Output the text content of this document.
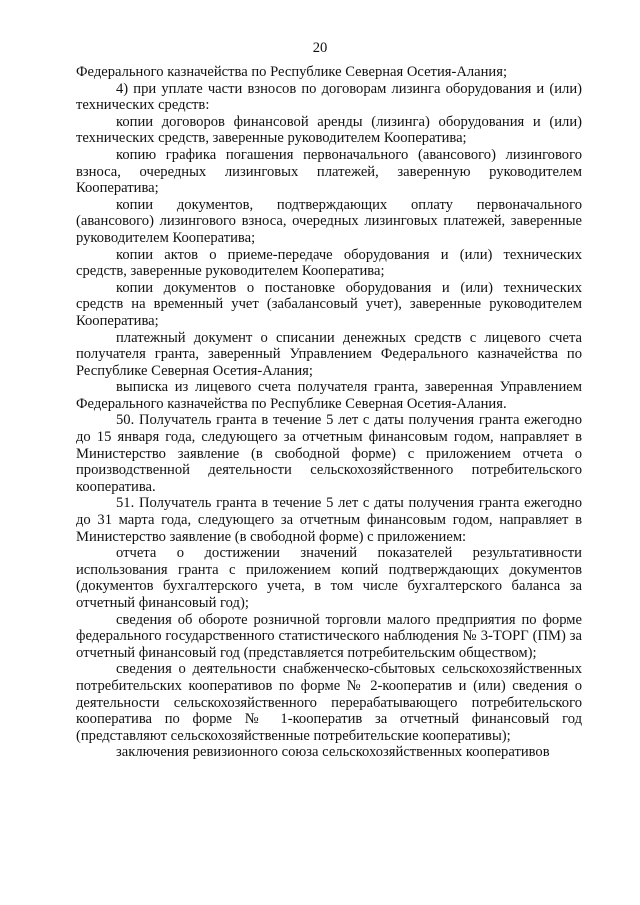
20

Федерального казначейства по Республике Северная Осетия-Алания;

4) при уплате части взносов по договорам лизинга оборудования и (или) технических средств:

копии договоров финансовой аренды (лизинга) оборудования и (или) технических средств, заверенные руководителем Кооператива;

копию графика погашения первоначального (авансового) лизингового взноса, очередных лизинговых платежей, заверенную руководителем Кооператива;

копии документов, подтверждающих оплату первоначального (авансового) лизингового взноса, очередных лизинговых платежей, заверенные руководителем Кооператива;

копии актов о приеме-передаче оборудования и (или) технических средств, заверенные руководителем Кооператива;

копии документов о постановке оборудования и (или) технических средств на временный учет (забалансовый учет), заверенные руководителем Кооператива;

платежный документ о списании денежных средств с лицевого счета получателя гранта, заверенный Управлением Федерального казначейства по Республике Северная Осетия-Алания;

выписка из лицевого счета получателя гранта, заверенная Управлением Федерального казначейства по Республике Северная Осетия-Алания.

50. Получатель гранта в течение 5 лет с даты получения гранта ежегодно до 15 января года, следующего за отчетным финансовым годом, направляет в Министерство заявление (в свободной форме) с приложением отчета о производственной деятельности сельскохозяйственного потребительского кооператива.

51. Получатель гранта в течение 5 лет с даты получения гранта ежегодно до 31 марта года, следующего за отчетным финансовым годом, направляет в Министерство заявление (в свободной форме) с приложением:

отчета о достижении значений показателей результативности использования гранта с приложением копий подтверждающих документов (документов бухгалтерского учета, в том числе бухгалтерского баланса за отчетный финансовый год);

сведения об обороте розничной торговли малого предприятия по форме федерального государственного статистического наблюдения № 3-ТОРГ (ПМ) за отчетный финансовый год (представляется потребительским обществом);

сведения о деятельности снабженческо-сбытовых сельскохозяйственных потребительских кооперативов по форме № 2-кооператив и (или) сведения о деятельности сельскохозяйственного перерабатывающего потребительского кооператива по форме № 1-кооператив за отчетный финансовый год (представляют сельскохозяйственные потребительские кооперативы);

заключения ревизионного союза сельскохозяйственных кооперативов
